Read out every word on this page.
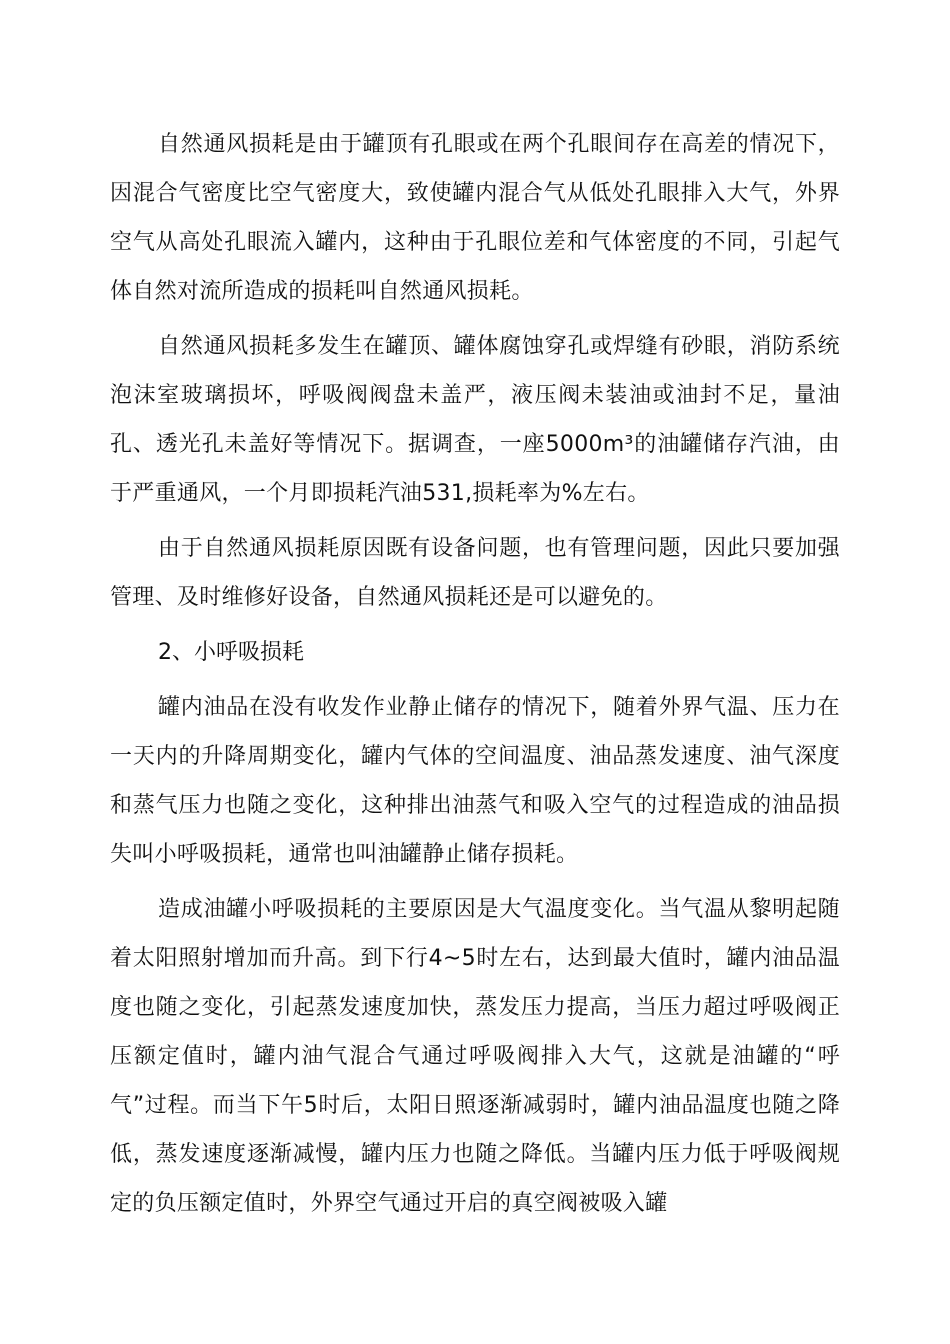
自然通风损耗是由于罐顶有孔眼或在两个孔眼间存在高差的情况下，因混合气密度比空气密度大，致使罐内混合气从低处孔眼排入大气，外界空气从高处孔眼流入罐内，这种由于孔眼位差和气体密度的不同，引起气体自然对流所造成的损耗叫自然通风损耗。

自然通风损耗多发生在罐顶、罐体腐蚀穿孔或焊缝有砂眼，消防系统泡沫室玻璃损坏，呼吸阀阀盘未盖严，液压阀未装油或油封不足，量油孔、透光孔未盖好等情况下。据调查，一座5000m³的油罐储存汽油，由于严重通风，一个月即损耗汽油531,损耗率为%左右。

由于自然通风损耗原因既有设备问题，也有管理问题，因此只要加强管理、及时维修好设备，自然通风损耗还是可以避免的。

2、小呼吸损耗

罐内油品在没有收发作业静止储存的情况下，随着外界气温、压力在一天内的升降周期变化，罐内气体的空间温度、油品蒸发速度、油气深度和蒸气压力也随之变化，这种排出油蒸气和吸入空气的过程造成的油品损失叫小呼吸损耗，通常也叫油罐静止储存损耗。

造成油罐小呼吸损耗的主要原因是大气温度变化。当气温从黎明起随着太阳照射增加而升高。到下行4~5时左右，达到最大值时，罐内油品温度也随之变化，引起蒸发速度加快，蒸发压力提高，当压力超过呼吸阀正压额定值时，罐内油气混合气通过呼吸阀排入大气，这就是油罐的“呼气”过程。而当下午5时后，太阳日照逐渐减弱时，罐内油品温度也随之降低，蒸发速度逐渐减慢，罐内压力也随之降低。当罐内压力低于呼吸阀规定的负压额定值时，外界空气通过开启的真空阀被吸入罐
